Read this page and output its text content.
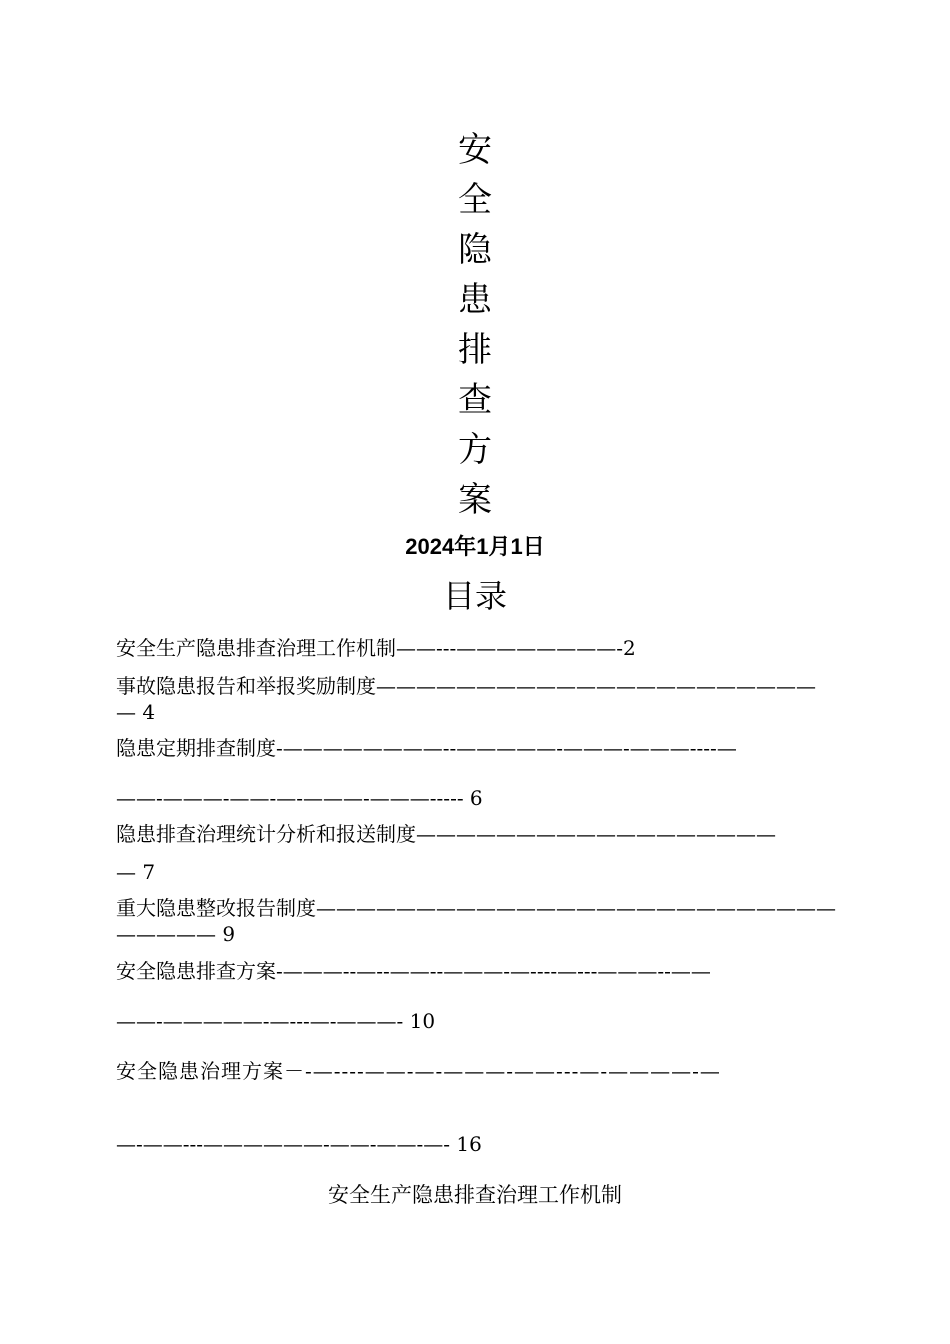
安
全
隐
患
排
查
方
案
2024年1月1日
目录
安全生产隐患排查治理工作机制——---————————-2
事故隐患报告和举报奖励制度——————————————————————
— 4
隐患定期排查制度-————————--—————-———-———----—
——-———-——-—-———-———----- 6
隐患排查治理统计分析和报送制度——————————————————
— 7
重大隐患整改报告制度——————————————————————————
————— 9
安全隐患排查方案-———--—--——--———-—----—---———--——
——-—————-—---—-———- 10
安全隐患治理方案－-—----——-—-———-——---—-————-—
—-——---——————-——-——-—- 16
安全生产隐患排查治理工作机制
